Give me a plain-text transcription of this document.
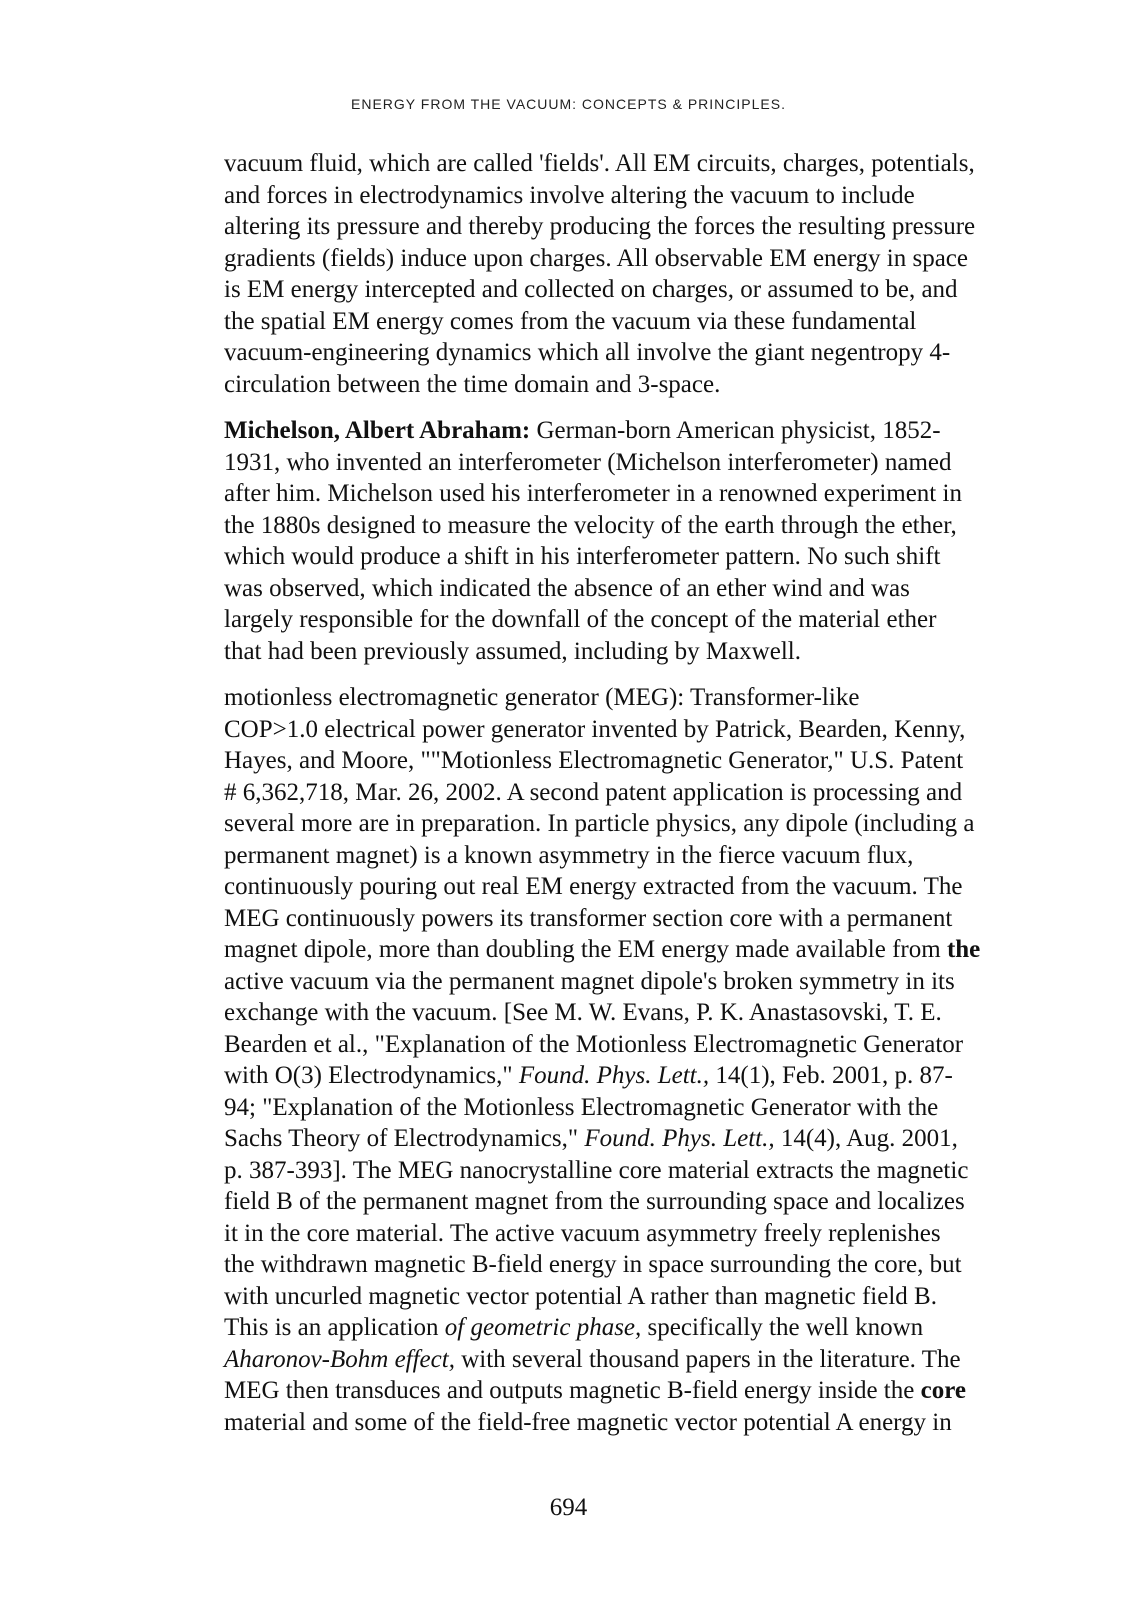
ENERGY FROM THE VACUUM: CONCEPTS & PRINCIPLES.
vacuum fluid, which are called 'fields'. All EM circuits, charges, potentials,
and forces in electrodynamics involve altering the vacuum to include
altering its pressure and thereby producing the forces the resulting pressure
gradients (fields) induce upon charges. All observable EM energy in space
is EM energy intercepted and collected on charges, or assumed to be, and
the spatial EM energy comes from the vacuum via these fundamental
vacuum-engineering dynamics which all involve the giant negentropy 4-
circulation between the time domain and 3-space.
Michelson, Albert Abraham: German-born American physicist, 1852-
1931, who invented an interferometer (Michelson interferometer) named
after him. Michelson used his interferometer in a renowned experiment in
the 1880s designed to measure the velocity of the earth through the ether,
which would produce a shift in his interferometer pattern. No such shift
was observed, which indicated the absence of an ether wind and was
largely responsible for the downfall of the concept of the material ether
that had been previously assumed, including by Maxwell.
motionless electromagnetic generator (MEG): Transformer-like
COP>1.0 electrical power generator invented by Patrick, Bearden, Kenny,
Hayes, and Moore, ""Motionless Electromagnetic Generator," U.S. Patent
# 6,362,718, Mar. 26, 2002. A second patent application is processing and
several more are in preparation. In particle physics, any dipole (including a
permanent magnet) is a known asymmetry in the fierce vacuum flux,
continuously pouring out real EM energy extracted from the vacuum. The
MEG continuously powers its transformer section core with a permanent
magnet dipole, more than doubling the EM energy made available from the
active vacuum via the permanent magnet dipole's broken symmetry in its
exchange with the vacuum. [See M. W. Evans, P. K. Anastasovski, T. E.
Bearden et al., "Explanation of the Motionless Electromagnetic Generator
with O(3) Electrodynamics," Found. Phys. Lett., 14(1), Feb. 2001, p. 87-
94; "Explanation of the Motionless Electromagnetic Generator with the
Sachs Theory of Electrodynamics," Found. Phys. Lett., 14(4), Aug. 2001,
p. 387-393]. The MEG nanocrystalline core material extracts the magnetic
field B of the permanent magnet from the surrounding space and localizes
it in the core material. The active vacuum asymmetry freely replenishes
the withdrawn magnetic B-field energy in space surrounding the core, but
with uncurled magnetic vector potential A rather than magnetic field B.
This is an application of geometric phase, specifically the well known
Aharonov-Bohm effect, with several thousand papers in the literature. The
MEG then transduces and outputs magnetic B-field energy inside the core
material and some of the field-free magnetic vector potential A energy in
694
